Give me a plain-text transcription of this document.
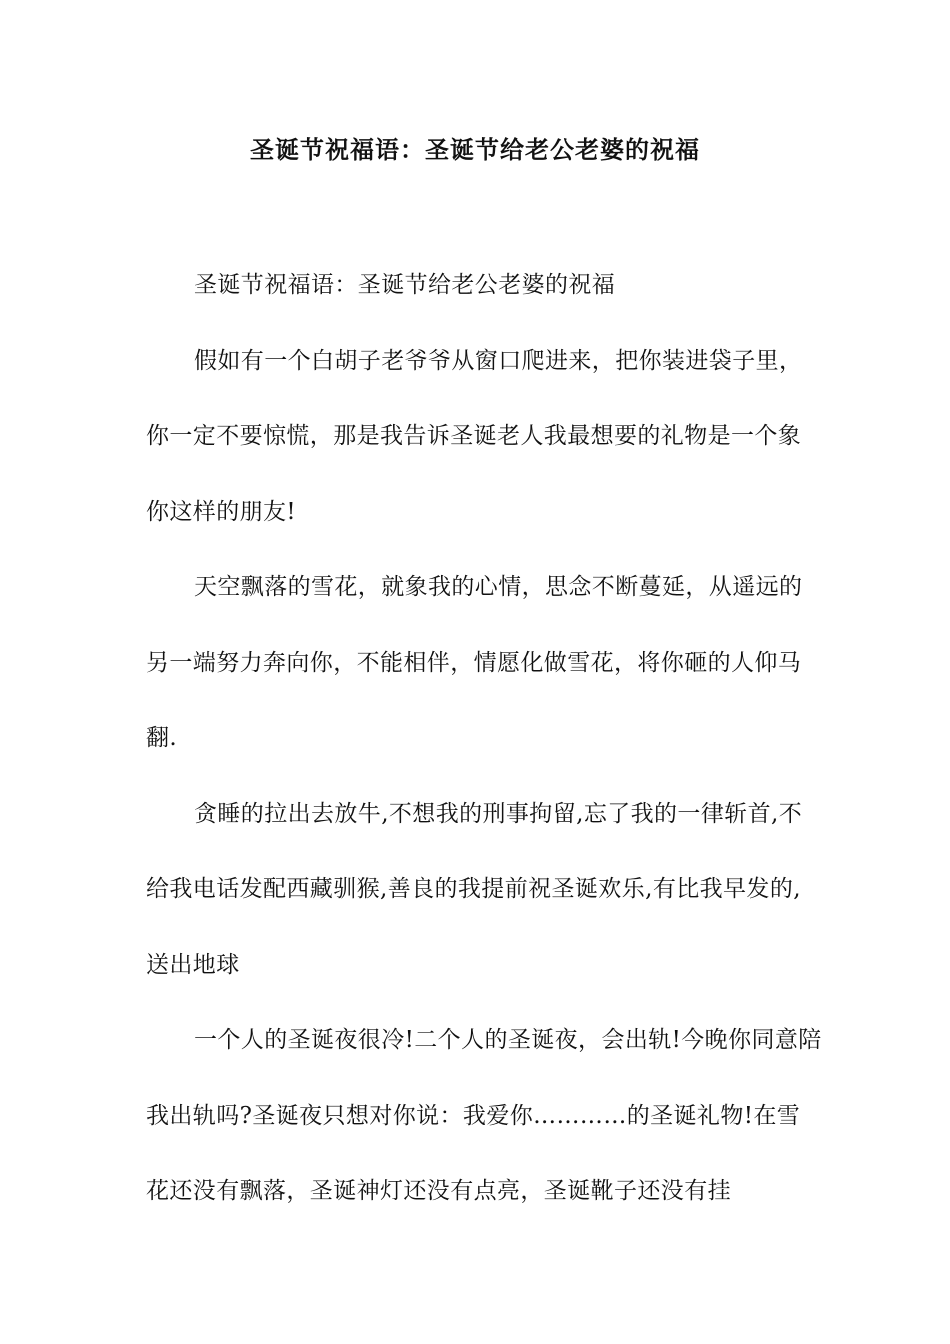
圣诞节祝福语：圣诞节给老公老婆的祝福

圣诞节祝福语：圣诞节给老公老婆的祝福

假如有一个白胡子老爷爷从窗口爬进来，把你装进袋子里，你一定不要惊慌，那是我告诉圣诞老人我最想要的礼物是一个象你这样的朋友!

天空飘落的雪花，就象我的心情，思念不断蔓延，从遥远的另一端努力奔向你，不能相伴，情愿化做雪花，将你砸的人仰马翻.

贪睡的拉出去放牛,不想我的刑事拘留,忘了我的一律斩首,不给我电话发配西藏驯猴,善良的我提前祝圣诞欢乐,有比我早发的,送出地球

一个人的圣诞夜很冷!二个人的圣诞夜，会出轨!今晚你同意陪我出轨吗?圣诞夜只想对你说：我爱你…………的圣诞礼物!在雪花还没有飘落，圣诞神灯还没有点亮，圣诞靴子还没有挂
